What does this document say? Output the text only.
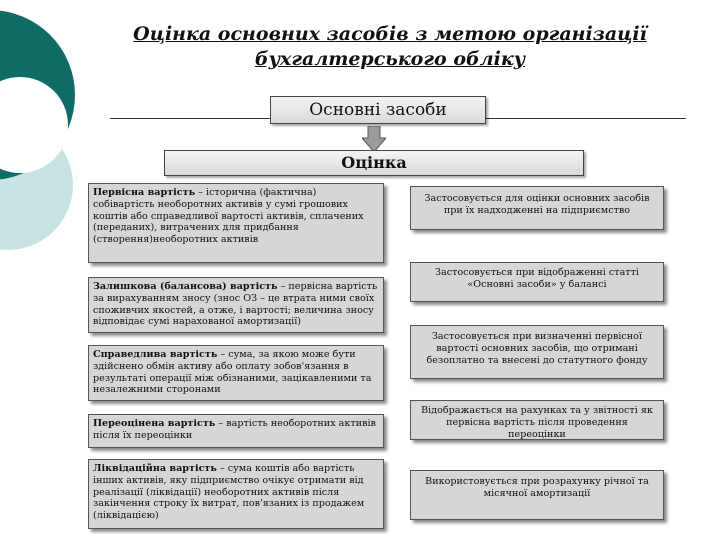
Оцінка основних засобів з метою організації
бухгалтерського обліку
Основні засоби
Оцінка
Первісна вартість – історична (фактична) собівартість необоротних активів у сумі грошових коштів або справедливої вартості активів, сплачених (переданих), витрачених для придбання (створення)необоротних активів
Залишкова (балансова) вартість – первісна вартість за вирахуванням зносу (знос ОЗ – це втрата ними своїх споживчих якостей, а отже, і вартості; величина зносу відповідає сумі нарахованої амортизації)
Справедлива вартість – сума, за якою може бути здійснено обмін активу або оплату зобов'язання в результаті операції між обізнаними, зацікавленими та незалежними сторонами
Переоцінена вартість – вартість необоротних активів після їх переоцінки
Ліквідаційна вартість – сума коштів або вартість інших активів, яку підприємство очікує отримати від реалізації (ліквідації) необоротних активів після закінчення строку їх витрат, пов'язаних із продажем (ліквідацією)
Застосовується для оцінки основних засобів при їх надходженні на підприємство
Застосовується при відображенні статті «Основні засоби» у балансі
Застосовується при визначенні первісної вартості основних засобів, що отримані безоплатно та внесені до статутного фонду
Відображається на рахунках та у звітності як первісна вартість після проведення переоцінки
Використовується при розрахунку річної та місячної амортизації
